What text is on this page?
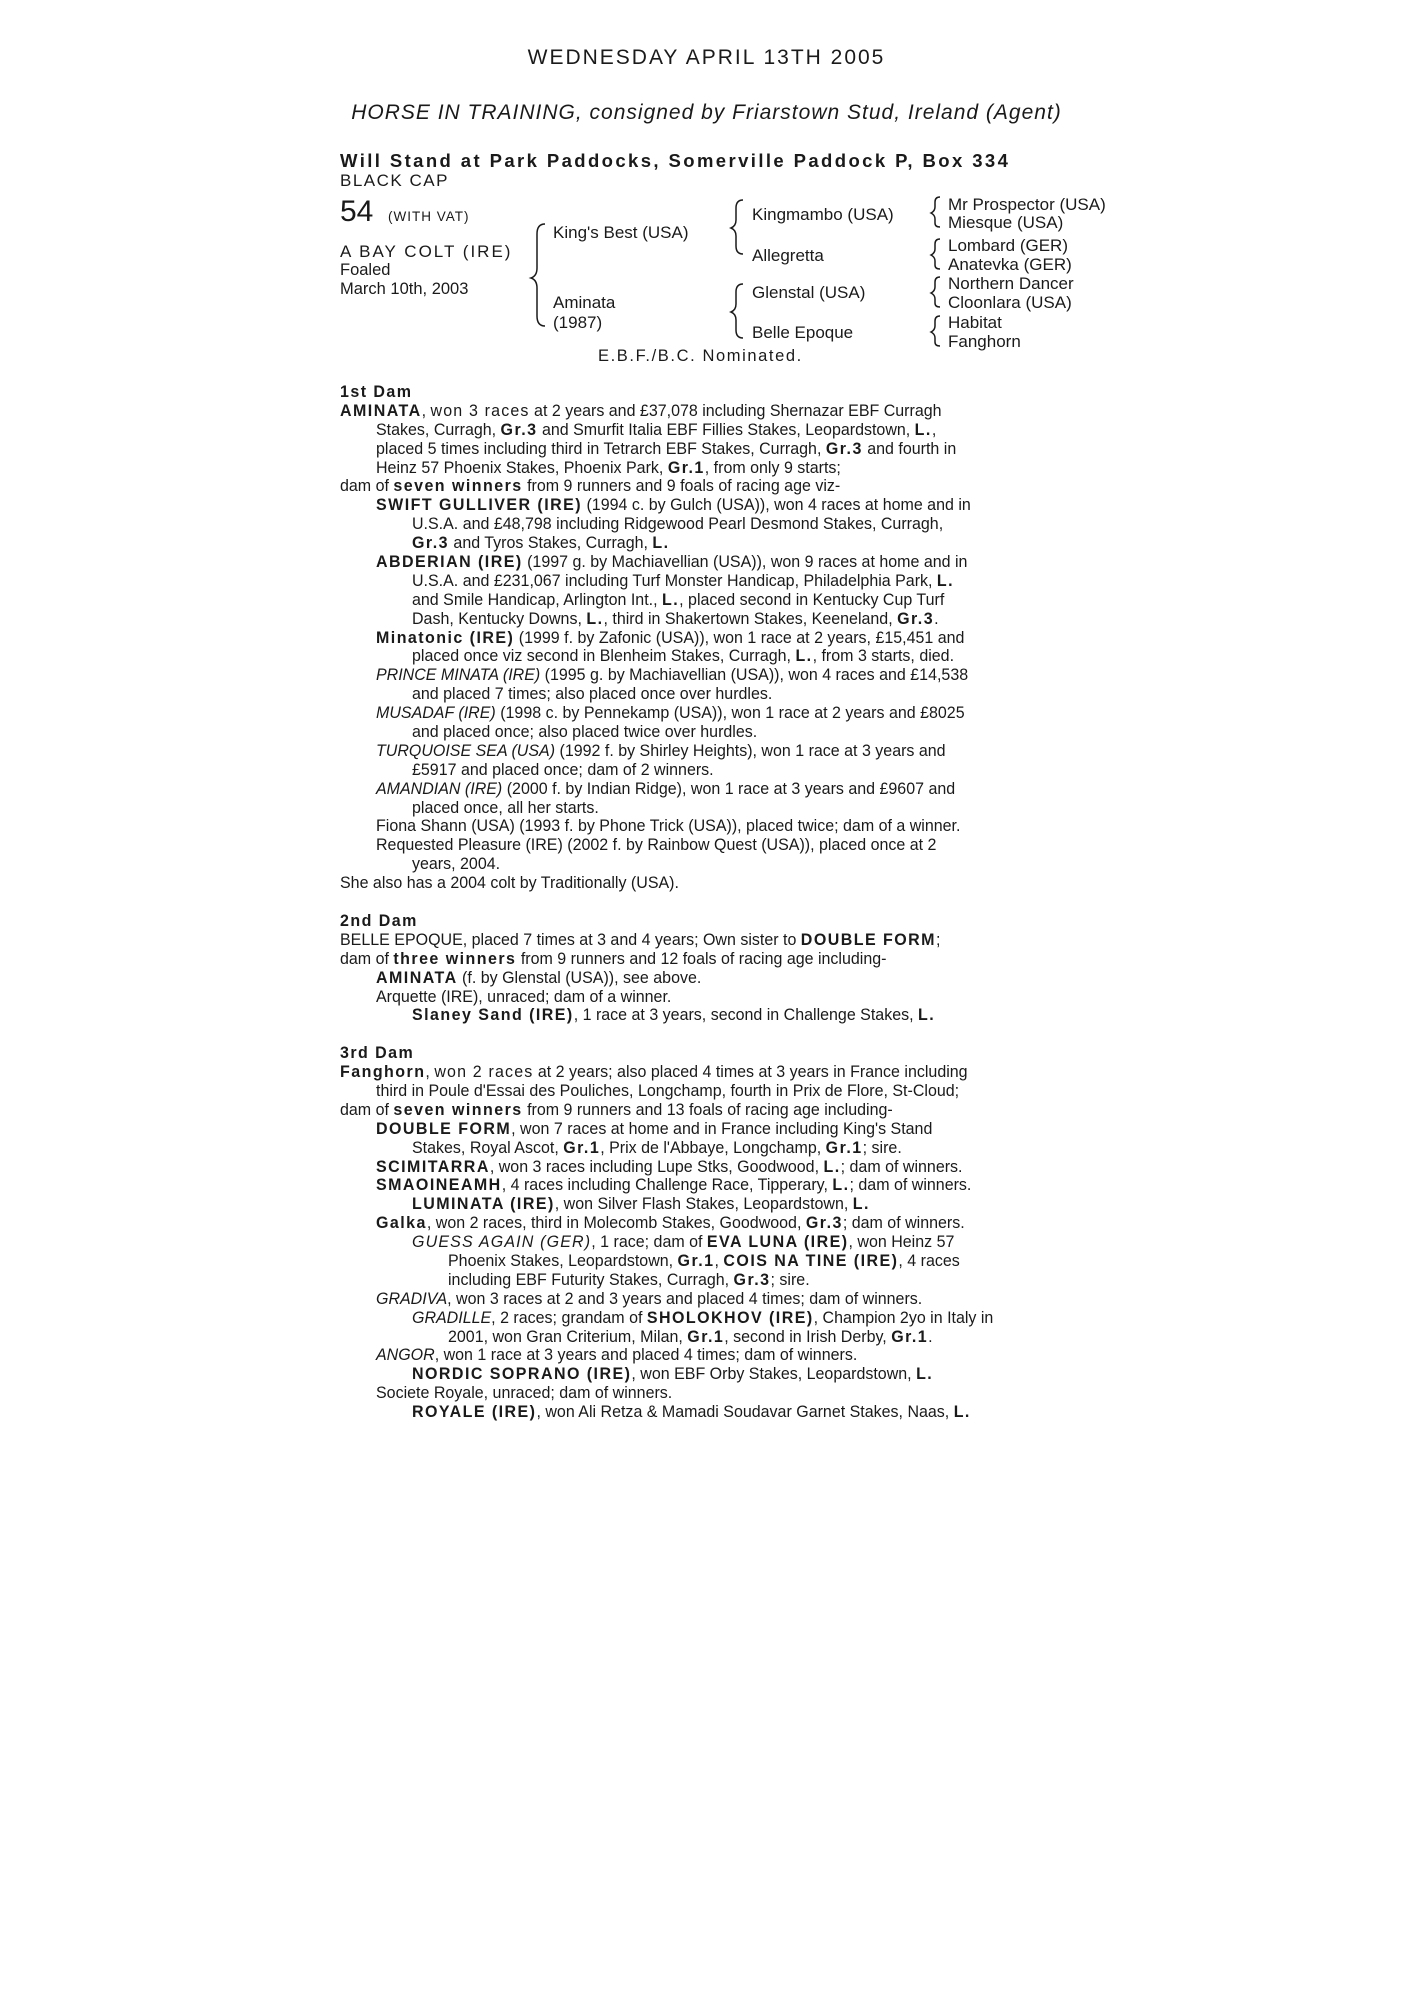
WEDNESDAY APRIL 13TH 2005
HORSE IN TRAINING, consigned by Friarstown Stud, Ireland (Agent)
Will Stand at Park Paddocks, Somerville Paddock P, Box 334
BLACK CAP
54 (WITH VAT)
A BAY COLT (IRE)
Foaled
March 10th, 2003
King's Best (USA)
Aminata
(1987)
Kingmambo (USA)
Allegretta
Glenstal (USA)
Belle Epoque
Mr Prospector (USA)
Miesque (USA)
Lombard (GER)
Anatevka (GER)
Northern Dancer
Cloonlara (USA)
Habitat
Fanghorn
E.B.F./B.C. Nominated.
1st Dam
AMINATA, won 3 races at 2 years and £37,078 including Shernazar EBF Curragh
Stakes, Curragh, Gr.3 and Smurfit Italia EBF Fillies Stakes, Leopardstown, L.,
placed 5 times including third in Tetrarch EBF Stakes, Curragh, Gr.3 and fourth in
Heinz 57 Phoenix Stakes, Phoenix Park, Gr.1, from only 9 starts;
dam of seven winners from 9 runners and 9 foals of racing age viz-
SWIFT GULLIVER (IRE) (1994 c. by Gulch (USA)), won 4 races at home and in
U.S.A. and £48,798 including Ridgewood Pearl Desmond Stakes, Curragh,
Gr.3 and Tyros Stakes, Curragh, L.
ABDERIAN (IRE) (1997 g. by Machiavellian (USA)), won 9 races at home and in
U.S.A. and £231,067 including Turf Monster Handicap, Philadelphia Park, L.
and Smile Handicap, Arlington Int., L., placed second in Kentucky Cup Turf
Dash, Kentucky Downs, L., third in Shakertown Stakes, Keeneland, Gr.3.
Minatonic (IRE) (1999 f. by Zafonic (USA)), won 1 race at 2 years, £15,451 and
placed once viz second in Blenheim Stakes, Curragh, L., from 3 starts, died.
PRINCE MINATA (IRE) (1995 g. by Machiavellian (USA)), won 4 races and £14,538
and placed 7 times; also placed once over hurdles.
MUSADAF (IRE) (1998 c. by Pennekamp (USA)), won 1 race at 2 years and £8025
and placed once; also placed twice over hurdles.
TURQUOISE SEA (USA) (1992 f. by Shirley Heights), won 1 race at 3 years and
£5917 and placed once; dam of 2 winners.
AMANDIAN (IRE) (2000 f. by Indian Ridge), won 1 race at 3 years and £9607 and
placed once, all her starts.
Fiona Shann (USA) (1993 f. by Phone Trick (USA)), placed twice; dam of a winner.
Requested Pleasure (IRE) (2002 f. by Rainbow Quest (USA)), placed once at 2
years, 2004.
She also has a 2004 colt by Traditionally (USA).
2nd Dam
BELLE EPOQUE, placed 7 times at 3 and 4 years; Own sister to DOUBLE FORM;
dam of three winners from 9 runners and 12 foals of racing age including-
AMINATA (f. by Glenstal (USA)), see above.
Arquette (IRE), unraced; dam of a winner.
Slaney Sand (IRE), 1 race at 3 years, second in Challenge Stakes, L.
3rd Dam
Fanghorn, won 2 races at 2 years; also placed 4 times at 3 years in France including
third in Poule d'Essai des Pouliches, Longchamp, fourth in Prix de Flore, St-Cloud;
dam of seven winners from 9 runners and 13 foals of racing age including-
DOUBLE FORM, won 7 races at home and in France including King's Stand
Stakes, Royal Ascot, Gr.1, Prix de l'Abbaye, Longchamp, Gr.1; sire.
SCIMITARRA, won 3 races including Lupe Stks, Goodwood, L.; dam of winners.
SMAOINEAMH, 4 races including Challenge Race, Tipperary, L.; dam of winners.
LUMINATA (IRE), won Silver Flash Stakes, Leopardstown, L.
Galka, won 2 races, third in Molecomb Stakes, Goodwood, Gr.3; dam of winners.
GUESS AGAIN (GER), 1 race; dam of EVA LUNA (IRE), won Heinz 57
Phoenix Stakes, Leopardstown, Gr.1, COIS NA TINE (IRE), 4 races
including EBF Futurity Stakes, Curragh, Gr.3; sire.
GRADIVA, won 3 races at 2 and 3 years and placed 4 times; dam of winners.
GRADILLE, 2 races; grandam of SHOLOKHOV (IRE), Champion 2yo in Italy in
2001, won Gran Criterium, Milan, Gr.1, second in Irish Derby, Gr.1.
ANGOR, won 1 race at 3 years and placed 4 times; dam of winners.
NORDIC SOPRANO (IRE), won EBF Orby Stakes, Leopardstown, L.
Societe Royale, unraced; dam of winners.
ROYALE (IRE), won Ali Retza & Mamadi Soudavar Garnet Stakes, Naas, L.
